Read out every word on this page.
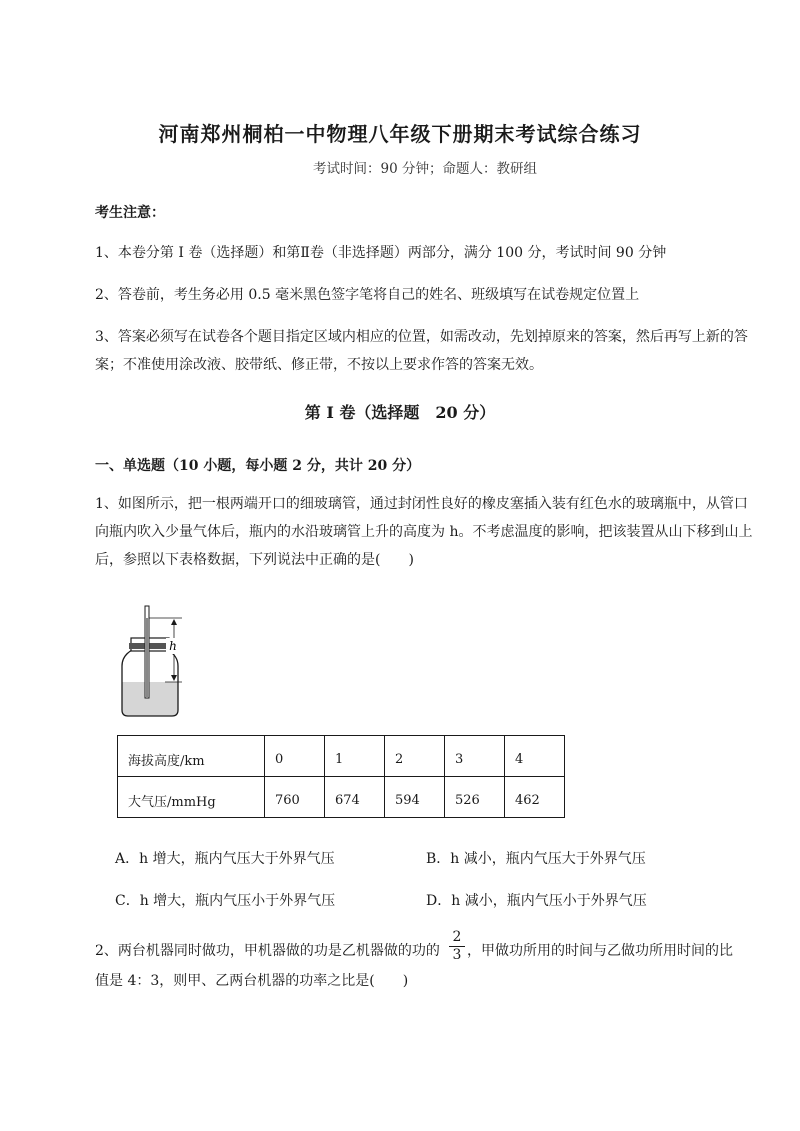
河南郑州桐柏一中物理八年级下册期末考试综合练习
考试时间：90 分钟；命题人：教研组
考生注意：
1、本卷分第 I 卷（选择题）和第Ⅱ卷（非选择题）两部分，满分 100 分，考试时间 90 分钟
2、答卷前，考生务必用 0.5 毫米黑色签字笔将自己的姓名、班级填写在试卷规定位置上
3、答案必须写在试卷各个题目指定区域内相应的位置，如需改动，先划掉原来的答案，然后再写上新的答案；不准使用涂改液、胶带纸、修正带，不按以上要求作答的答案无效。
第 I 卷（选择题　20 分）
一、单选题（10 小题，每小题 2 分，共计 20 分）
1、如图所示，把一根两端开口的细玻璃管，通过封闭性良好的橡皮塞插入装有红色水的玻璃瓶中，从管口向瓶内吹入少量气体后，瓶内的水沿玻璃管上升的高度为 h。不考虑温度的影响，把该装置从山下移到山上后，参照以下表格数据，下列说法中正确的是(　　)
h
海拔高度/km	0	1	2	3	4
大气压/mmHg	760	674	594	526	462
A．h 增大，瓶内气压大于外界气压	B．h 减小，瓶内气压大于外界气压
C．h 增大，瓶内气压小于外界气压	D．h 减小，瓶内气压小于外界气压
2、两台机器同时做功，甲机器做的功是乙机器做的功的 $\frac{2}{3}$ ，甲做功所用的时间与乙做功所用时间的比
值是 4：3，则甲、乙两台机器的功率之比是(　　)
